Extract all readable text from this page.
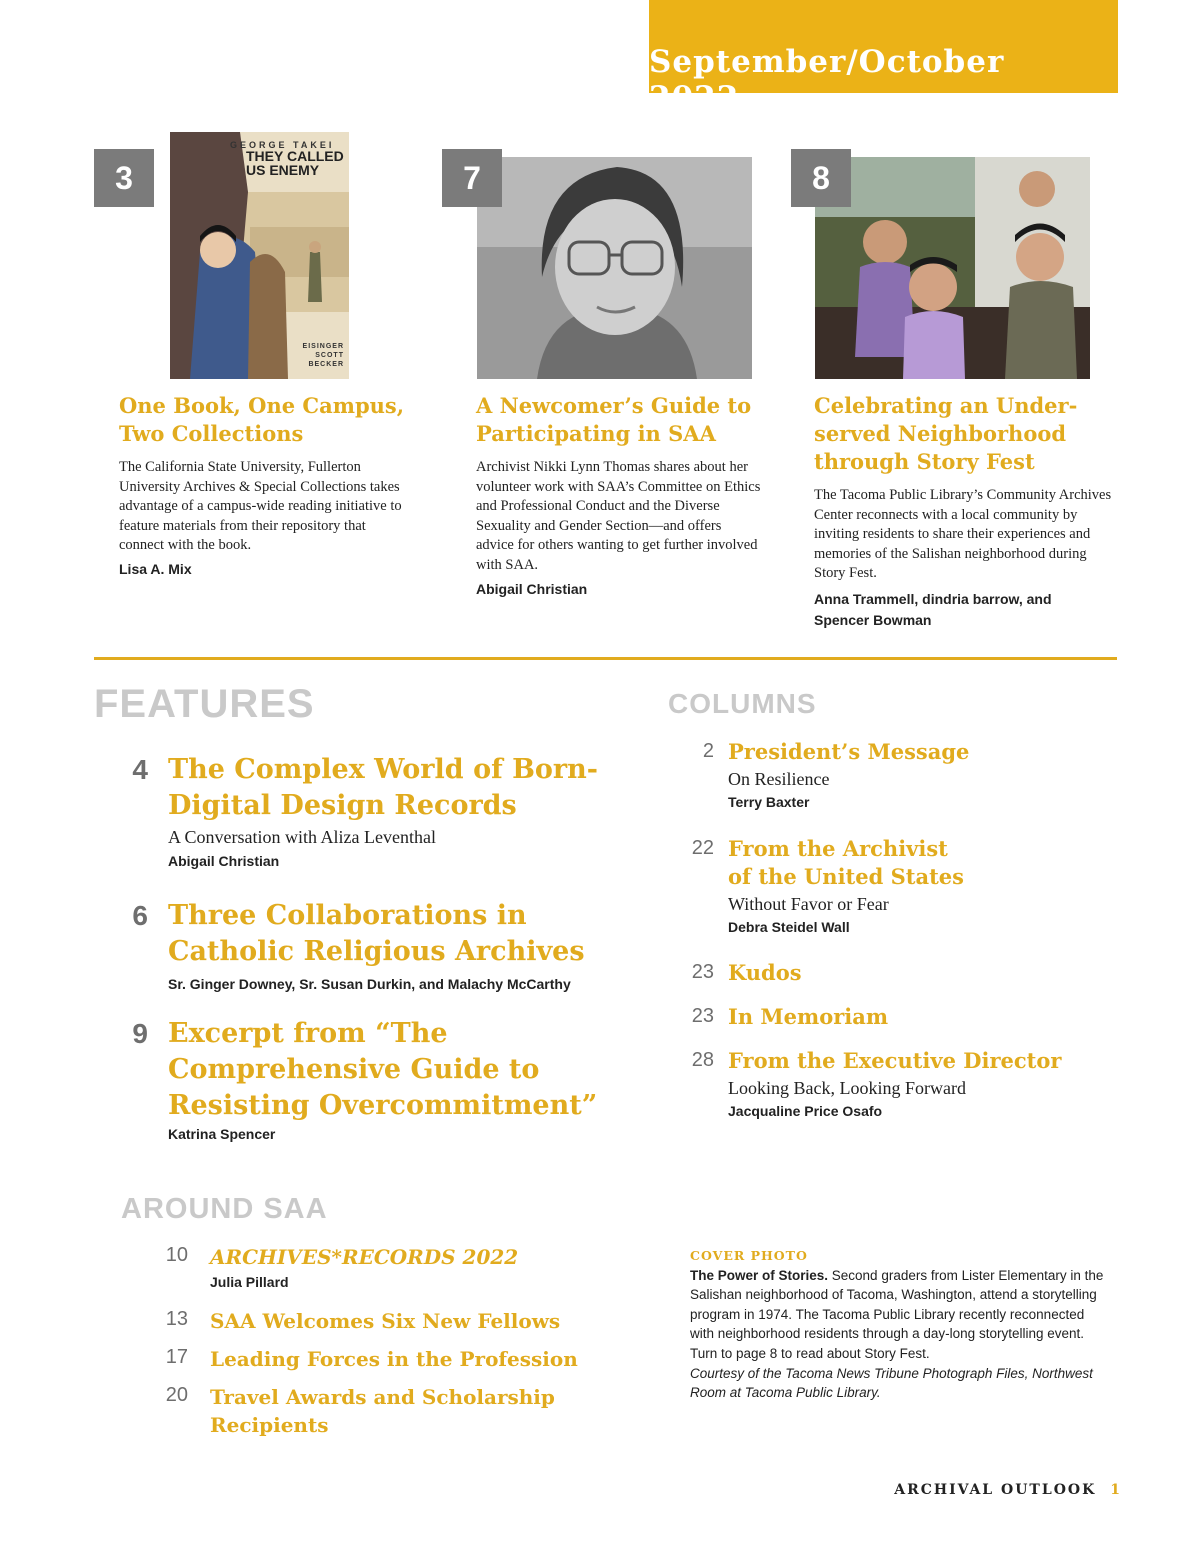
September/October 2022
GEORGE TAKEI
THEY CALLED US ENEMY
EISINGER SCOTT BECKER
3	7	8
One Book, One Campus,
Two Collections
The California State University, Fullerton University Archives & Special Collections takes advantage of a campus-wide reading initiative to feature materials from their repository that connect with the book.
Lisa A. Mix
A Newcomer’s Guide to
Participating in SAA
Archivist Nikki Lynn Thomas shares about her volunteer work with SAA’s Committee on Ethics and Professional Conduct and the Diverse Sexuality and Gender Section—and offers advice for others wanting to get further involved with SAA.
Abigail Christian
Celebrating an Under-
served Neighborhood
through Story Fest
The Tacoma Public Library’s Community Archives Center reconnects with a local community by inviting residents to share their experiences and memories of the Salishan neighborhood during Story Fest.
Anna Trammell, dindria barrow, and
Spencer Bowman
FEATURES
4 The Complex World of Born-
Digital Design Records
A Conversation with Aliza Leventhal
Abigail Christian
6 Three Collaborations in
Catholic Religious Archives
Sr. Ginger Downey, Sr. Susan Durkin, and Malachy McCarthy
9 Excerpt from “The
Comprehensive Guide to
Resisting Overcommitment”
Katrina Spencer
COLUMNS
2 President’s Message
On Resilience
Terry Baxter
22 From the Archivist
of the United States
Without Favor or Fear
Debra Steidel Wall
23 Kudos
23 In Memoriam
28 From the Executive Director
Looking Back, Looking Forward
Jacqualine Price Osafo
AROUND SAA
10 ARCHIVES*RECORDS 2022
Julia Pillard
13 SAA Welcomes Six New Fellows
17 Leading Forces in the Profession
20 Travel Awards and Scholarship
Recipients
COVER PHOTO
The Power of Stories. Second graders from Lister Elementary in the Salishan neighborhood of Tacoma, Washington, attend a storytelling program in 1974. The Tacoma Public Library recently reconnected with neighborhood residents through a day-long storytelling event. Turn to page 8 to read about Story Fest.
Courtesy of the Tacoma News Tribune Photograph Files, Northwest Room at Tacoma Public Library.
ARCHIVAL OUTLOOK 1
